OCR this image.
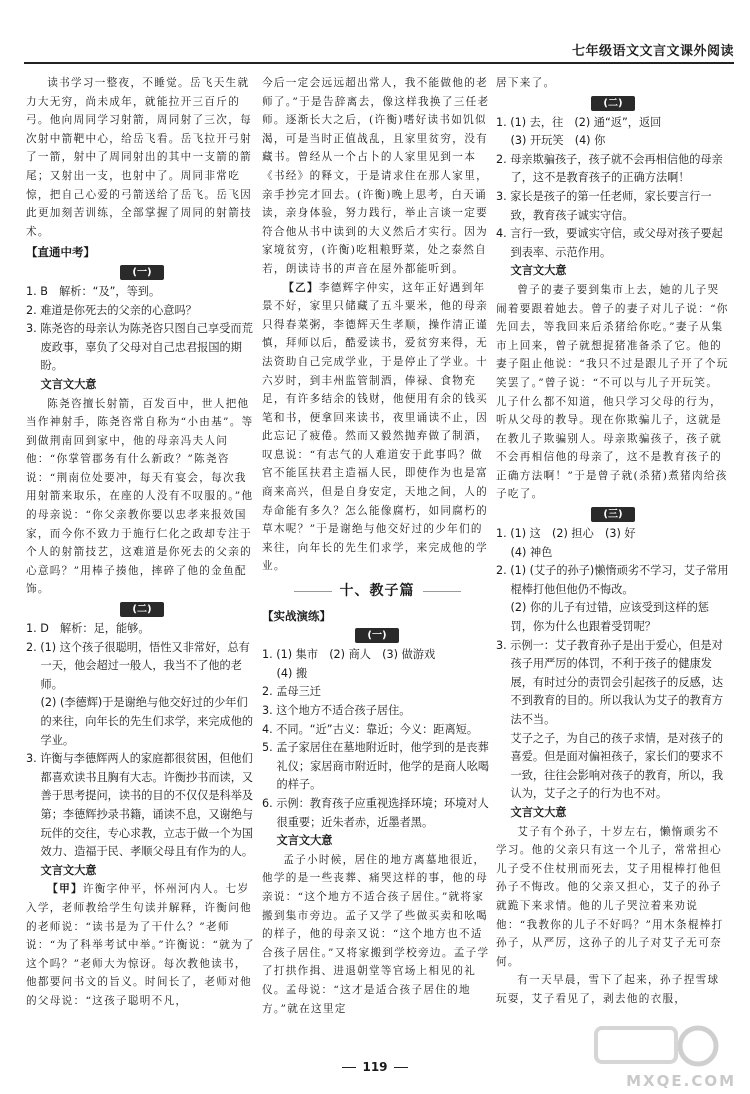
七年级语文文言文课外阅读

读书学习一整夜，不睡觉。岳飞天生就力大无穷，尚未成年，就能拉开三百斤的弓。他向周同学习射箭，周同射了三次，每次射中箭靶中心，给岳飞看。岳飞拉开弓射了一箭，射中了周同射出的其中一支箭的箭尾；又射出一支，也射中了。周同非常吃惊，把自己心爱的弓箭送给了岳飞。岳飞因此更加刻苦训练，全部掌握了周同的射箭技术。

【直通中考】
(一)

1. B　解析：“及”，等到。

2. 难道是你死去的父亲的心意吗？

3. 陈尧咨的母亲认为陈尧咨只图自己享受而荒废政事，辜负了父母对自己忠君报国的期盼。

文言文大意

陈尧咨擅长射箭，百发百中，世人把他当作神射手，陈尧咨常自称为“小由基”。等到做荆南回到家中，他的母亲冯夫人问他：“你掌管郡务有什么新政？”陈尧咨说：“荆南位处要冲，每天有宴会，每次我用射箭来取乐，在座的人没有不叹服的。”他的母亲说：“你父亲教你要以忠孝来报效国家，而今你不致力于施行仁化之政却专注于个人的射箭技艺，这难道是你死去的父亲的心意吗？”用棒子揍他，摔碎了他的金鱼配饰。

(二)

1. D　解析：足，能够。

2. (1) 这个孩子很聪明，悟性又非常好，总有一天，他会超过一般人，我当不了他的老师。

(2) (李德辉)于是谢绝与他交好过的少年们的来往，向年长的先生们求学，来完成他的学业。

3. 许衡与李德辉两人的家庭都很贫困，但他们都喜欢读书且胸有大志。许衡抄书而读，又善于思考提问，读书的目的不仅仅是科举及第；李德辉抄录书籍，诵读不息，又谢绝与玩伴的交往，专心求教，立志于做一个为国效力、造福于民、孝顺父母且有作为的人。

文言文大意

【甲】许衡字仲平，怀州河内人。七岁入学，老师教给学生句读并解释，许衡问他的老师说：“读书是为了干什么？”老师说：“为了科举考试中举。”许衡说：“就为了这个吗？”老师大为惊讶。每次教他读书，他都要问书文的旨义。时间长了，老师对他的父母说：“这孩子聪明不凡，

今后一定会远远超出常人，我不能做他的老师了。”于是告辞离去，像这样我换了三任老师。逐渐长大之后，(许衡)嗜好读书如饥似渴，可是当时正值战乱，且家里贫穷，没有藏书。曾经从一个占卜的人家里见到一本《书经》的释文，于是请求住在那人家里，亲手抄完才回去。(许衡)晚上思考，白天诵读，亲身体验，努力践行，举止言谈一定要符合他从书中读到的大义然后才实行。因为家境贫穷，(许衡)吃粗粮野菜，处之泰然自若，朗读诗书的声音在屋外都能听到。

【乙】李德辉字仲实，这年正好遇到年景不好，家里只储藏了五斗粟米，他的母亲只得春菜粥，李德辉天生孝顺，操作清正谨慎，拜师以后，酷爱读书，爱贫穷来得，无法资助自己完成学业，于是停止了学业。十六岁时，到丰州监管制酒，俸禄、食物充足，有许多结余的钱财，他便用有余的钱买笔和书，便拿回来读书，夜里诵读不止，因此忘记了疲倦。然而又毅然抛弃做了制酒，叹息说：“有志气的人难道安于此事吗？做官不能匡扶君主造福人民，即使作为也是富商来高兴，但是自身安定，天地之间，人的寿命能有多久？怎么能像腐朽，如同腐朽的草木呢？”于是谢绝与他交好过的少年们的来往，向年长的先生们求学，来完成他的学业。

十、教子篇
【实战演练】
(一)

1. (1) 集市　(2) 商人　(3) 做游戏

(4) 搬

2. 孟母三迁

3. 这个地方不适合孩子居住。

4. 不同。“近”古义：靠近；今义：距离短。

5. 孟子家居住在墓地附近时，他学到的是丧葬礼仪；家居商市附近时，他学的是商人吆喝的样子。

6. 示例：教育孩子应重视选择环境；环境对人很重要；近朱者赤，近墨者黑。

文言文大意

孟子小时候，居住的地方离墓地很近，他学的是一些丧葬、痛哭这样的事，他的母亲说：“这个地方不适合孩子居住。”就将家搬到集市旁边。孟子又学了些做买卖和吆喝的样子，他的母亲又说：“这个地方也不适合孩子居住。”又将家搬到学校旁边。孟子学了打拱作揖、进退朝堂等官场上相见的礼仪。孟母说：“这才是适合孩子居住的地方。”就在这里定

居下来了。

(二)

1. (1) 去，往　(2) 通“返”，返回

(3) 开玩笑　(4) 你

2. 母亲欺骗孩子，孩子就不会再相信他的母亲了，这不是教育孩子的正确方法啊！

3. 家长是孩子的第一任老师，家长要言行一致，教育孩子诚实守信。

4. 言行一致，要诚实守信，或父母对孩子要起到表率、示范作用。

文言文大意

曾子的妻子要到集市上去，她的儿子哭闹着要跟着她去。曾子的妻子对儿子说：“你先回去，等我回来后杀猪给你吃。”妻子从集市上回来，曾子就想捉猪准备杀了它。他的妻子阻止他说：“我只不过是跟儿子开了个玩笑罢了。”曾子说：“不可以与儿子开玩笑。儿子什么都不知道，他只学习父母的行为，听从父母的教导。现在你欺骗儿子，这就是在教儿子欺骗别人。母亲欺骗孩子，孩子就不会再相信他的母亲了，这不是教育孩子的正确方法啊！”于是曾子就(杀猪)煮猪肉给孩子吃了。

(三)

1. (1) 这　(2) 担心　(3) 好

(4) 神色

2. (1) (艾子的孙子)懒惰顽劣不学习，艾子常用棍棒打他但他仍不悔改。

(2) 你的儿子有过错，应该受到这样的惩罚，你为什么也跟着受罚呢？

3. 示例一：艾子教育孙子是出于爱心，但是对孩子用严厉的体罚，不利于孩子的健康发展，有时过分的责罚会引起孩子的反感，达不到教育的目的。所以我认为艾子的教育方法不当。

艾子之子，为自己的孩子求情，是对孩子的喜爱。但是面对偏袒孩子，家长们的要求不一致，往往会影响对孩子的教育，所以，我认为，艾子之子的行为也不对。

文言文大意

艾子有个孙子，十岁左右，懒惰顽劣不学习。他的父亲只有这一个儿子，常常担心儿子受不住杖刑而死去，艾子用棍棒打他但孙子不悔改。他的父亲又担心，艾子的孙子就跪下来求情。他的儿子哭泣着来劝说他：“我教你的儿子不好吗？”用木条棍棒打孙子，从严厉，这孙子的儿子对艾子无可奈何。

有一天早晨，雪下了起来，孙子捏雪球玩耍，艾子看见了，剥去他的衣服，

119
MXQE.COM
